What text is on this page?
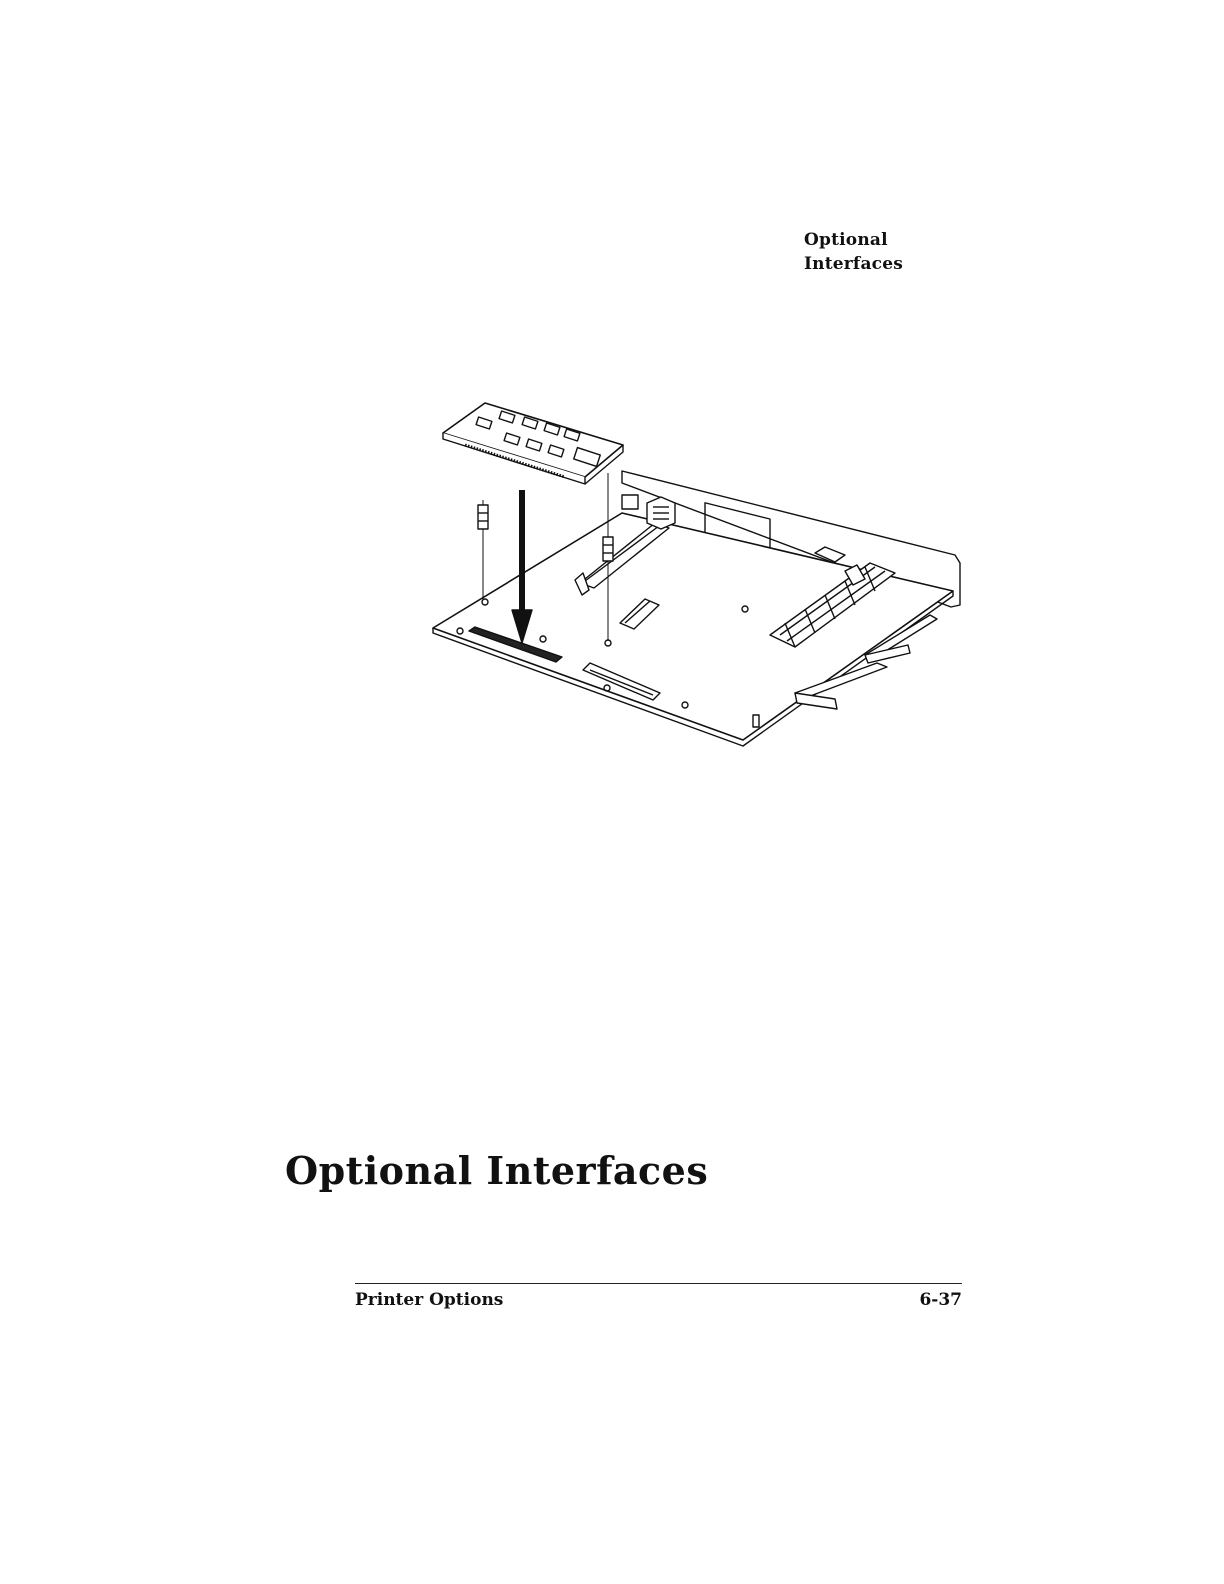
Optional
Interfaces
Optional Interfaces
Printer Options	6-37
